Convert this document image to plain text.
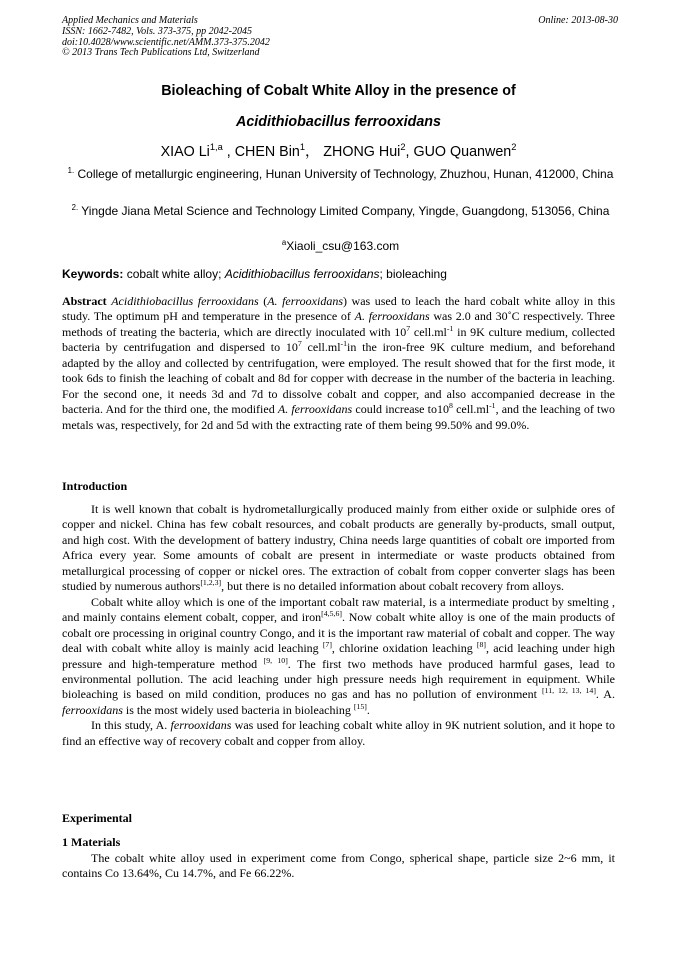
Applied Mechanics and Materials
ISSN: 1662-7482, Vols. 373-375, pp 2042-2045
doi:10.4028/www.scientific.net/AMM.373-375.2042
© 2013 Trans Tech Publications Ltd, Switzerland
Online: 2013-08-30
Bioleaching of Cobalt White Alloy in the presence of
Acidithiobacillus ferrooxidans
XIAO Li$^{1,a}$ , CHEN Bin$^1$， ZHONG Hui$^2$, GUO Quanwen$^2$
$^{1.}$ College of metallurgic engineering, Hunan University of Technology, Zhuzhou, Hunan, 412000, China
$^{2.}$ Yingde Jiana Metal Science and Technology Limited Company, Yingde, Guangdong, 513056, China
$^a$Xiaoli_csu@163.com
Keywords: cobalt white alloy; Acidithiobacillus ferrooxidans; bioleaching
Abstract Acidithiobacillus ferrooxidans (A. ferrooxidans) was used to leach the hard cobalt white alloy in this study. The optimum pH and temperature in the presence of A. ferrooxidans was 2.0 and 30˚C respectively. Three methods of treating the bacteria, which are directly inoculated with $10^7$ $cell.ml^{-1}$ in 9K culture medium, collected bacteria by centrifugation and dispersed to $10^7$ $cell.ml^{-1}in$ the iron-free 9K culture medium, and beforehand adapted by the alloy and collected by centrifugation, were employed. The result showed that for the first mode, it took 6ds to finish the leaching of cobalt and 8d for copper with decrease in the number of the bacteria in leaching. For the second one, it needs 3d and 7d to dissolve cobalt and copper, and also accompanied decrease in the bacteria. And for the third one, the modified A. ferrooxidans could increase $to10^8$ $cell.ml^{-1}$, and the leaching of two metals was, respectively, for 2d and 5d with the extracting rate of them being 99.50% and 99.0%.
Introduction
It is well known that cobalt is hydrometallurgically produced mainly from either oxide or sulphide ores of copper and nickel. China has few cobalt resources, and cobalt products are generally by-products, small output, and high cost. With the development of battery industry, China needs large quantities of cobalt ore imported from Africa every year. Some amounts of cobalt are present in intermediate or waste products obtained from metallurgical processing of copper or nickel ores. The extraction of cobalt from copper converter slags has been studied by numerous authors[1,2,3], but there is no detailed information about cobalt recovery from alloys.
Cobalt white alloy which is one of the important cobalt raw material, is a intermediate product by smelting , and mainly contains element cobalt, copper, and iron[4,5,6]. Now cobalt white alloy is one of the main products of cobalt ore processing in original country Congo, and it is the important raw material of cobalt and copper. The way deal with cobalt white alloy is mainly acid leaching [7], chlorine oxidation leaching [8], acid leaching under high pressure and high-temperature method [9, 10]. The first two methods have produced harmful gases, lead to environmental pollution. The acid leaching under high pressure needs high requirement in equipment. While bioleaching is based on mild condition, produces no gas and has no pollution of environment [11, 12, 13, 14]. A. ferrooxidans is the most widely used bacteria in bioleaching [15].
In this study, A. ferrooxidans was used for leaching cobalt white alloy in 9K nutrient solution, and it hope to find an effective way of recovery cobalt and copper from alloy.
Experimental
1 Materials
The cobalt white alloy used in experiment come from Congo, spherical shape, particle size 2~6 mm, it contains Co 13.64%, Cu 14.7%, and Fe 66.22%.
